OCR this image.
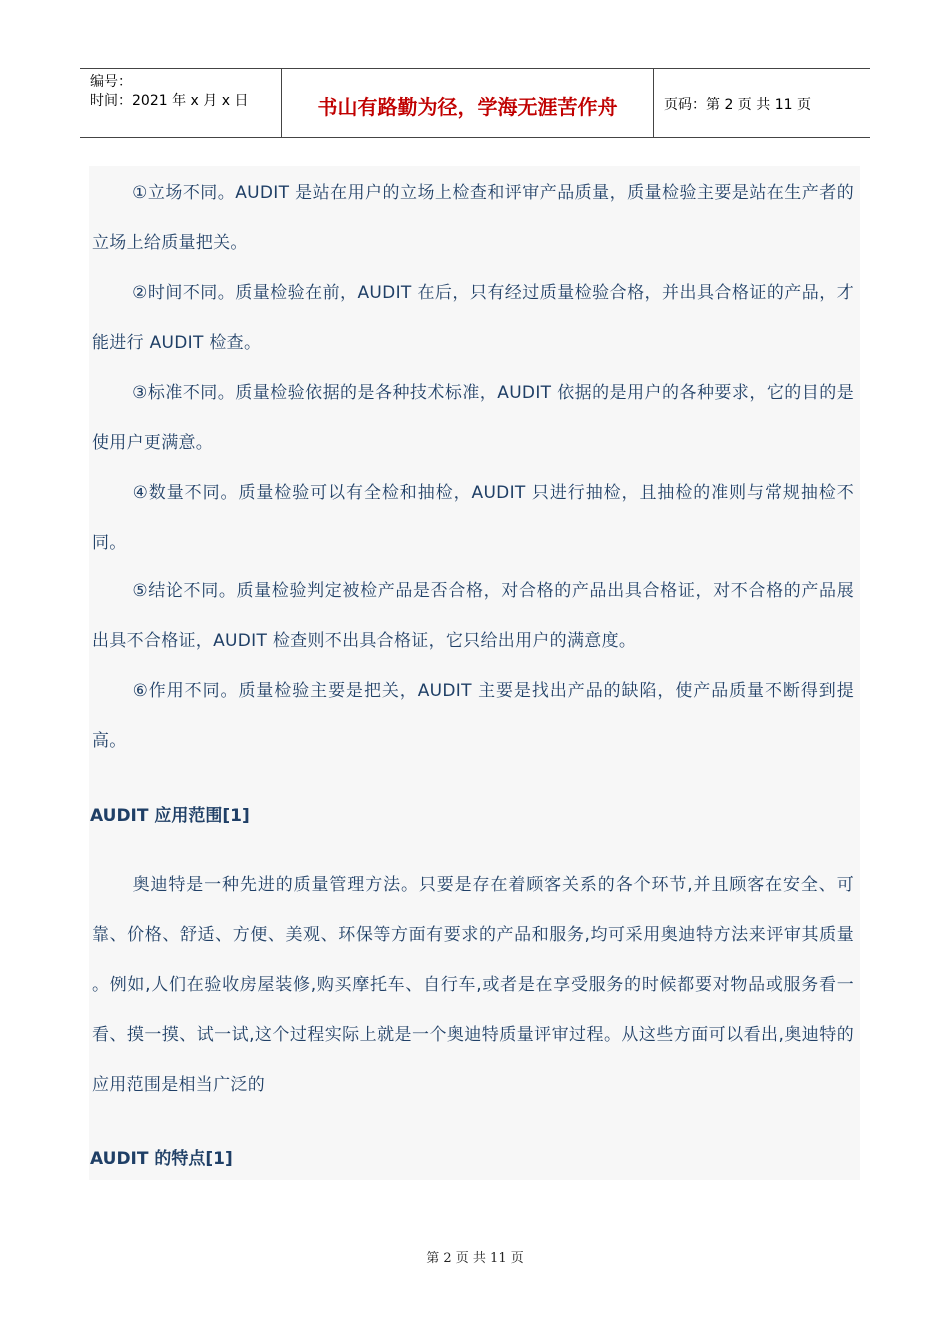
编号：
时间：2021 年 x 月 x 日	书山有路勤为径，学海无涯苦作舟	页码：第 2 页 共 11 页

①立场不同。AUDIT 是站在用户的立场上检查和评审产品质量，质量检验主要是站在生产者的立场上给质量把关。

②时间不同。质量检验在前，AUDIT 在后，只有经过质量检验合格，并出具合格证的产品，才能进行 AUDIT 检查。

③标准不同。质量检验依据的是各种技术标准，AUDIT 依据的是用户的各种要求，它的目的是使用户更满意。

④数量不同。质量检验可以有全检和抽检，AUDIT 只进行抽检，且抽检的准则与常规抽检不同。

⑤结论不同。质量检验判定被检产品是否合格，对合格的产品出具合格证，对不合格的产品展出具不合格证，AUDIT 检查则不出具合格证，它只给出用户的满意度。

⑥作用不同。质量检验主要是把关，AUDIT 主要是找出产品的缺陷，使产品质量不断得到提高。

AUDIT 应用范围[1]

奥迪特是一种先进的质量管理方法。只要是存在着顾客关系的各个环节,并且顾客在安全、可靠、价格、舒适、方便、美观、环保等方面有要求的产品和服务,均可采用奥迪特方法来评审其质量 。例如,人们在验收房屋装修,购买摩托车、自行车,或者是在享受服务的时候都要对物品或服务看一看、摸一摸、试一试,这个过程实际上就是一个奥迪特质量评审过程。从这些方面可以看出,奥迪特的应用范围是相当广泛的

AUDIT 的特点[1]
第 2 页 共 11 页
